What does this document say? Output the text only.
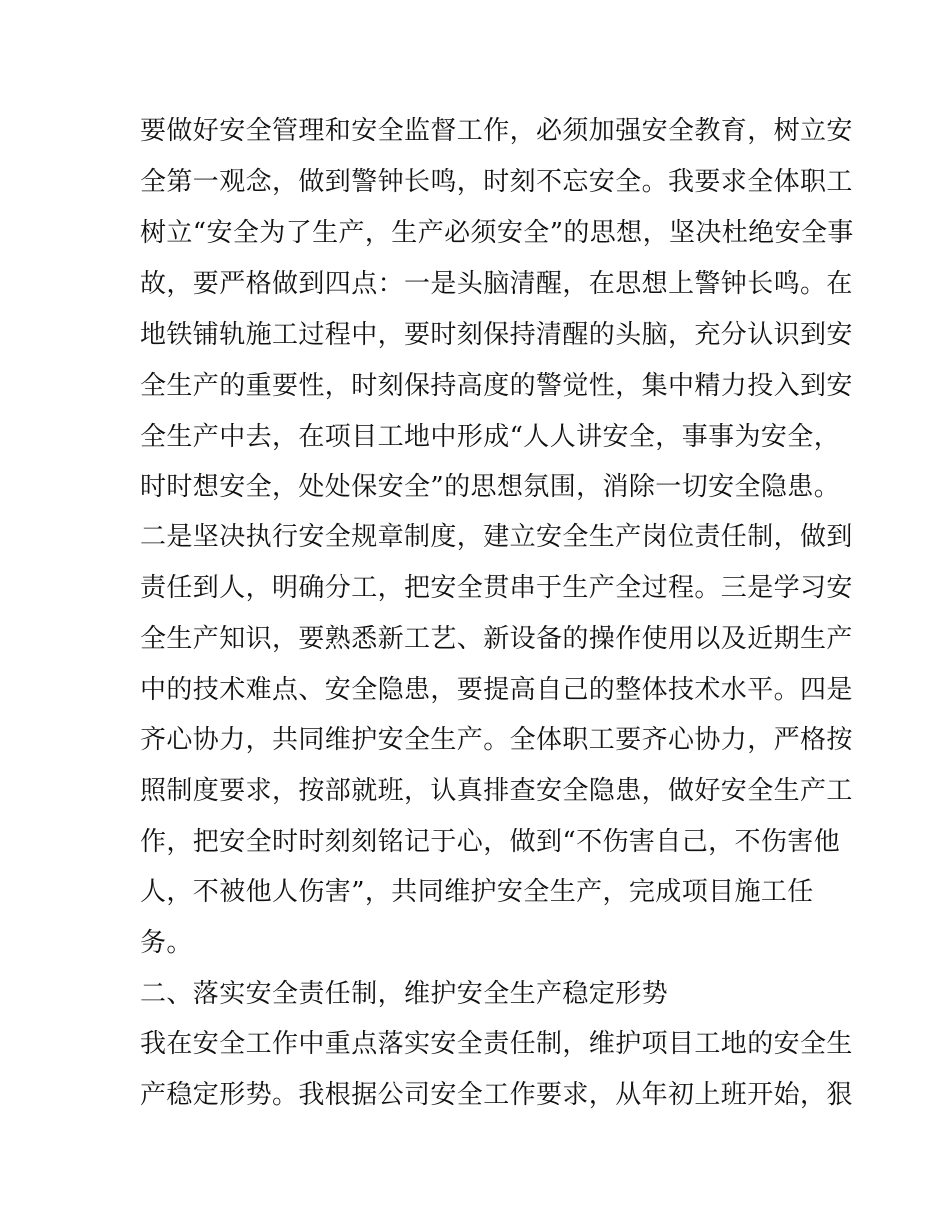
要做好安全管理和安全监督工作，必须加强安全教育，树立安
全第一观念，做到警钟长鸣，时刻不忘安全。我要求全体职工
树立“安全为了生产，生产必须安全”的思想，坚决杜绝安全事
故，要严格做到四点：一是头脑清醒，在思想上警钟长鸣。在
地铁铺轨施工过程中，要时刻保持清醒的头脑，充分认识到安
全生产的重要性，时刻保持高度的警觉性，集中精力投入到安
全生产中去，在项目工地中形成“人人讲安全，事事为安全，
时时想安全，处处保安全”的思想氛围，消除一切安全隐患。
二是坚决执行安全规章制度，建立安全生产岗位责任制，做到
责任到人，明确分工，把安全贯串于生产全过程。三是学习安
全生产知识，要熟悉新工艺、新设备的操作使用以及近期生产
中的技术难点、安全隐患，要提高自己的整体技术水平。四是
齐心协力，共同维护安全生产。全体职工要齐心协力，严格按
照制度要求，按部就班，认真排查安全隐患，做好安全生产工
作，把安全时时刻刻铭记于心，做到“不伤害自己，不伤害他
人，不被他人伤害”，共同维护安全生产，完成项目施工任
务。
二、落实安全责任制，维护安全生产稳定形势
我在安全工作中重点落实安全责任制，维护项目工地的安全生
产稳定形势。我根据公司安全工作要求，从年初上班开始，狠
